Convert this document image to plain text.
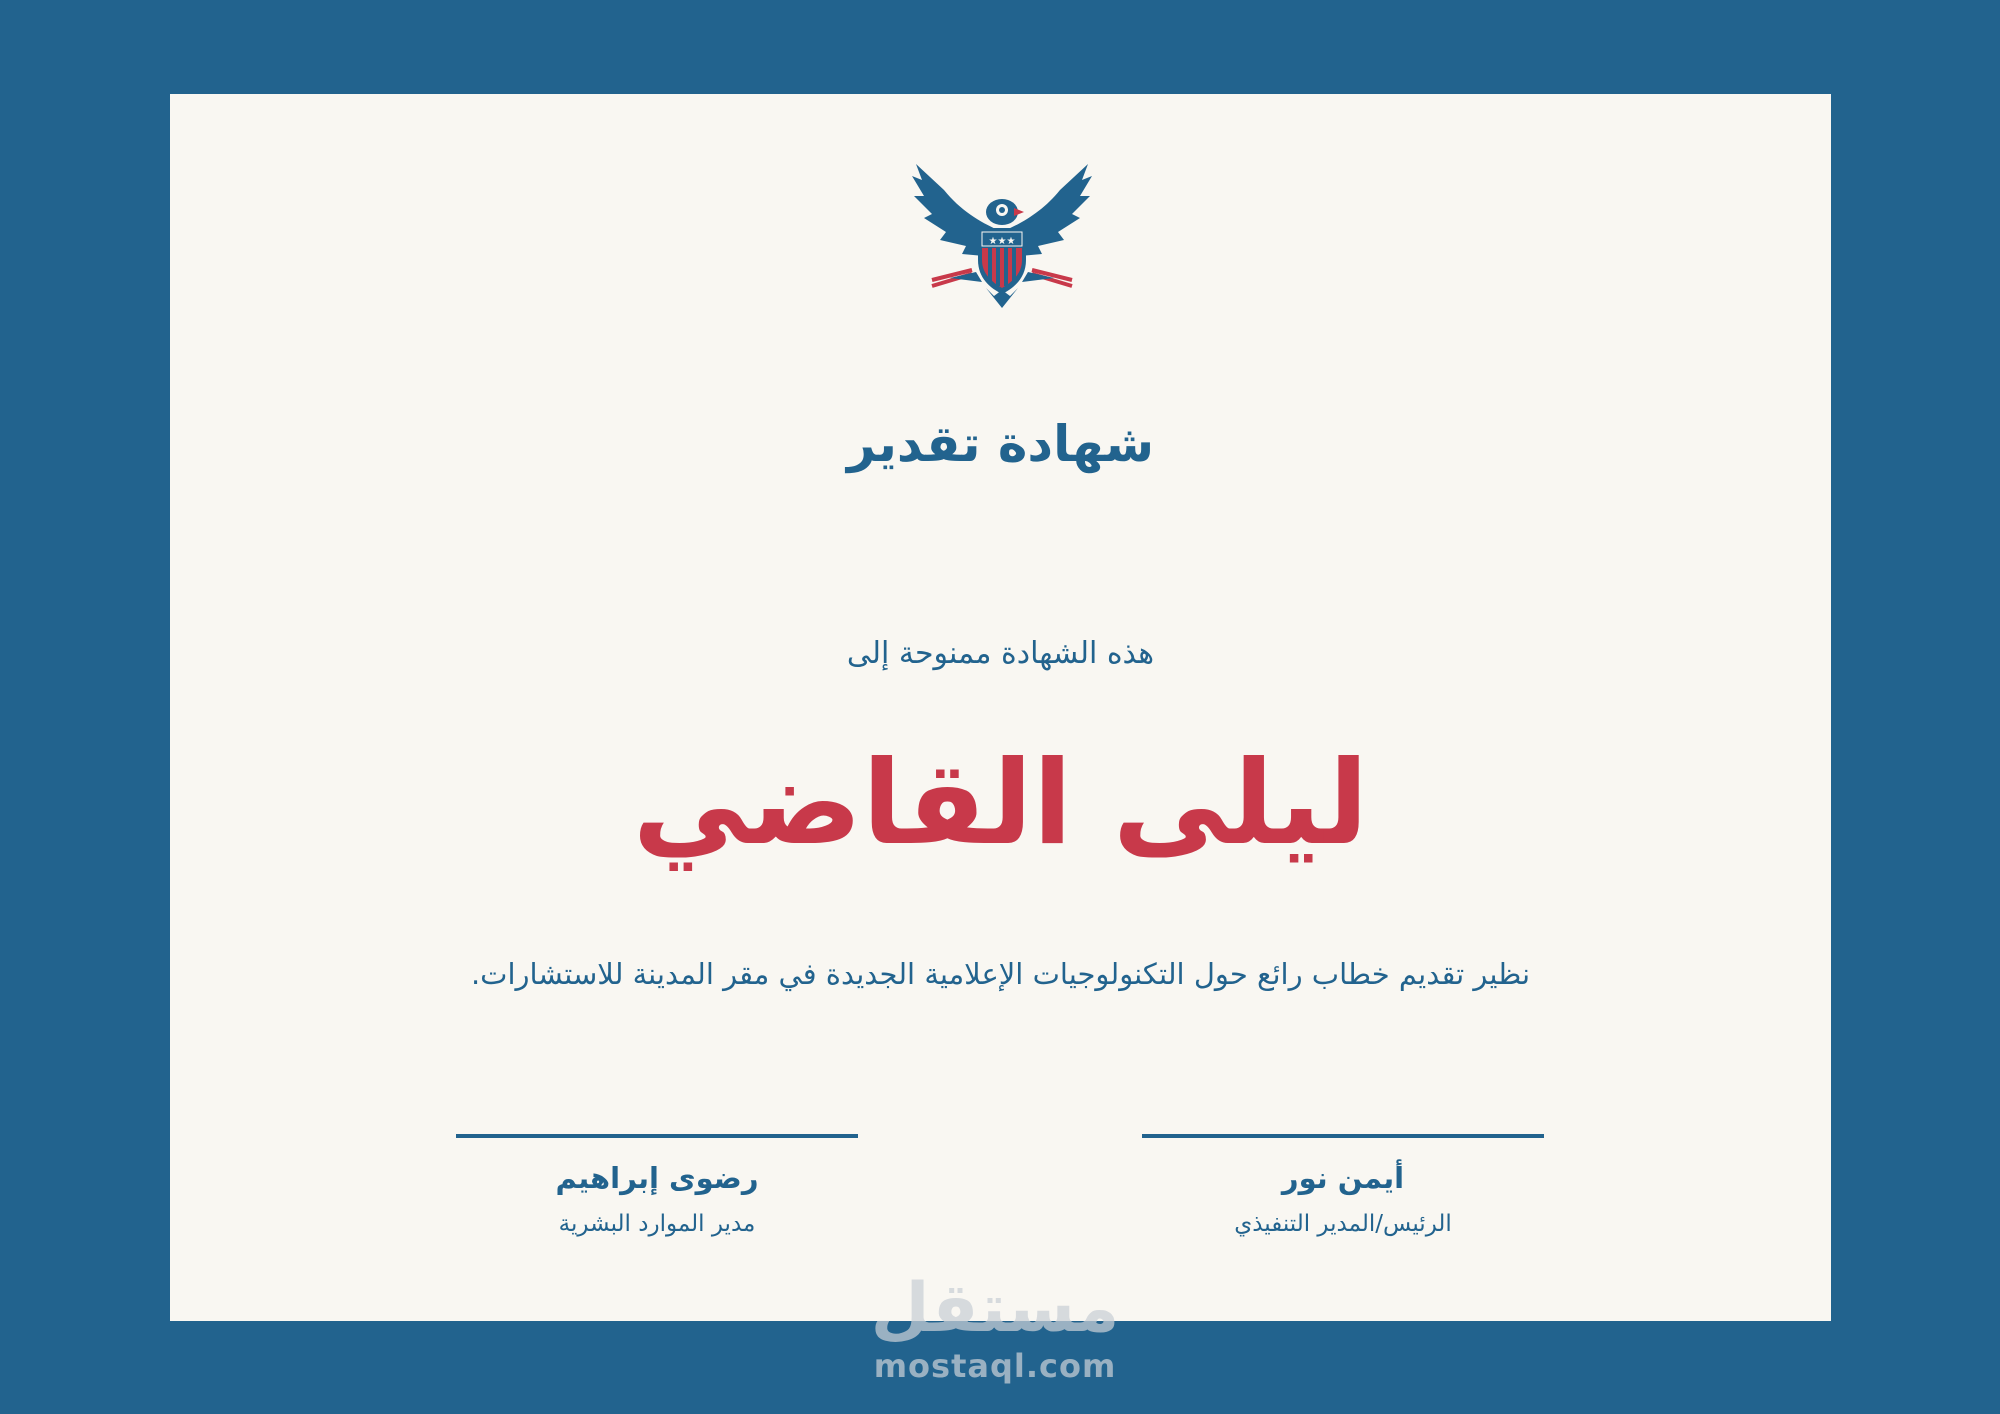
★★★
شهادة تقدير
هذه الشهادة ممنوحة إلى
ليلى القاضي
نظير تقديم خطاب رائع حول التكنولوجيات الإعلامية الجديدة في مقر المدينة للاستشارات.
رضوى إبراهيم
مدير الموارد البشرية
أيمن نور
الرئيس/المدير التنفيذي
مستقل
mostaql.com
